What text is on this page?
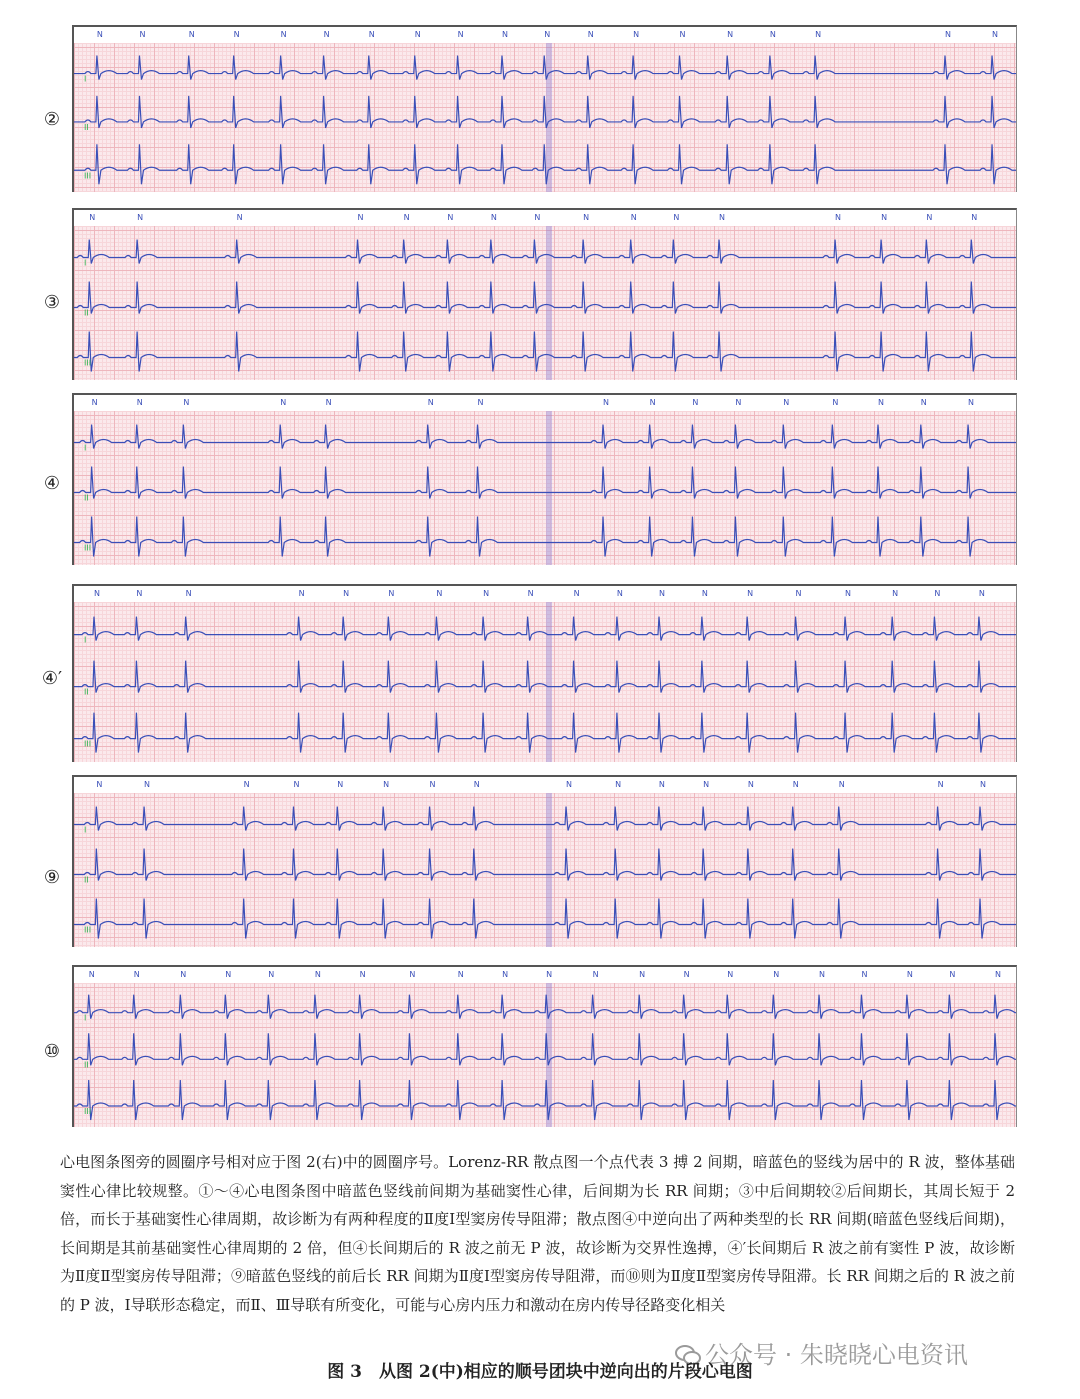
②
N	N	N	N	N	N	N	N	N	N	N	N	N	N	N	N	N	N	N
I
II
III
③
N	N	N	N	N	N	N	N	N	N	N	N	N	N	N	N
I
II
III
④
N	N	N	N	N	N	N	N	N	N	N	N	N	N	N	N
I
II
III
④′
N	N	N	N	N	N	N	N	N	N	N	N	N	N	N	N	N	N	N
I
II
III
⑨
N	N	N	N	N	N	N	N	N	N	N	N	N	N	N	N	N
I
II
III
⑩
N	N	N	N	N	N	N	N	N	N	N	N	N	N	N	N	N	N	N	N	N
I
II
III
心电图条图旁的圆圈序号相对应于图 2(右)中的圆圈序号。Lorenz-RR 散点图一个点代表 3 搏 2 间期，暗蓝色的竖线为居中的 R 波，整体基础窦性心律比较规整。①～④心电图条图中暗蓝色竖线前间期为基础窦性心律，后间期为长 RR 间期；③中后间期较②后间期长，其周长短于 2 倍，而长于基础窦性心律周期，故诊断为有两种程度的Ⅱ度Ⅰ型窦房传导阻滞；散点图④中逆向出了两种类型的长 RR 间期(暗蓝色竖线后间期)，长间期是其前基础窦性心律周期的 2 倍，但④长间期后的 R 波之前无 P 波，故诊断为交界性逸搏，④′长间期后 R 波之前有窦性 P 波，故诊断为Ⅱ度Ⅱ型窦房传导阻滞；⑨暗蓝色竖线的前后长 RR 间期为Ⅱ度Ⅰ型窦房传导阻滞，而⑩则为Ⅱ度Ⅱ型窦房传导阻滞。长 RR 间期之后的 R 波之前的 P 波，Ⅰ导联形态稳定，而Ⅱ、Ⅲ导联有所变化，可能与心房内压力和激动在房内传导径路变化相关
公众号 · 朱晓晓心电资讯
图 3　从图 2(中)相应的顺号团块中逆向出的片段心电图
